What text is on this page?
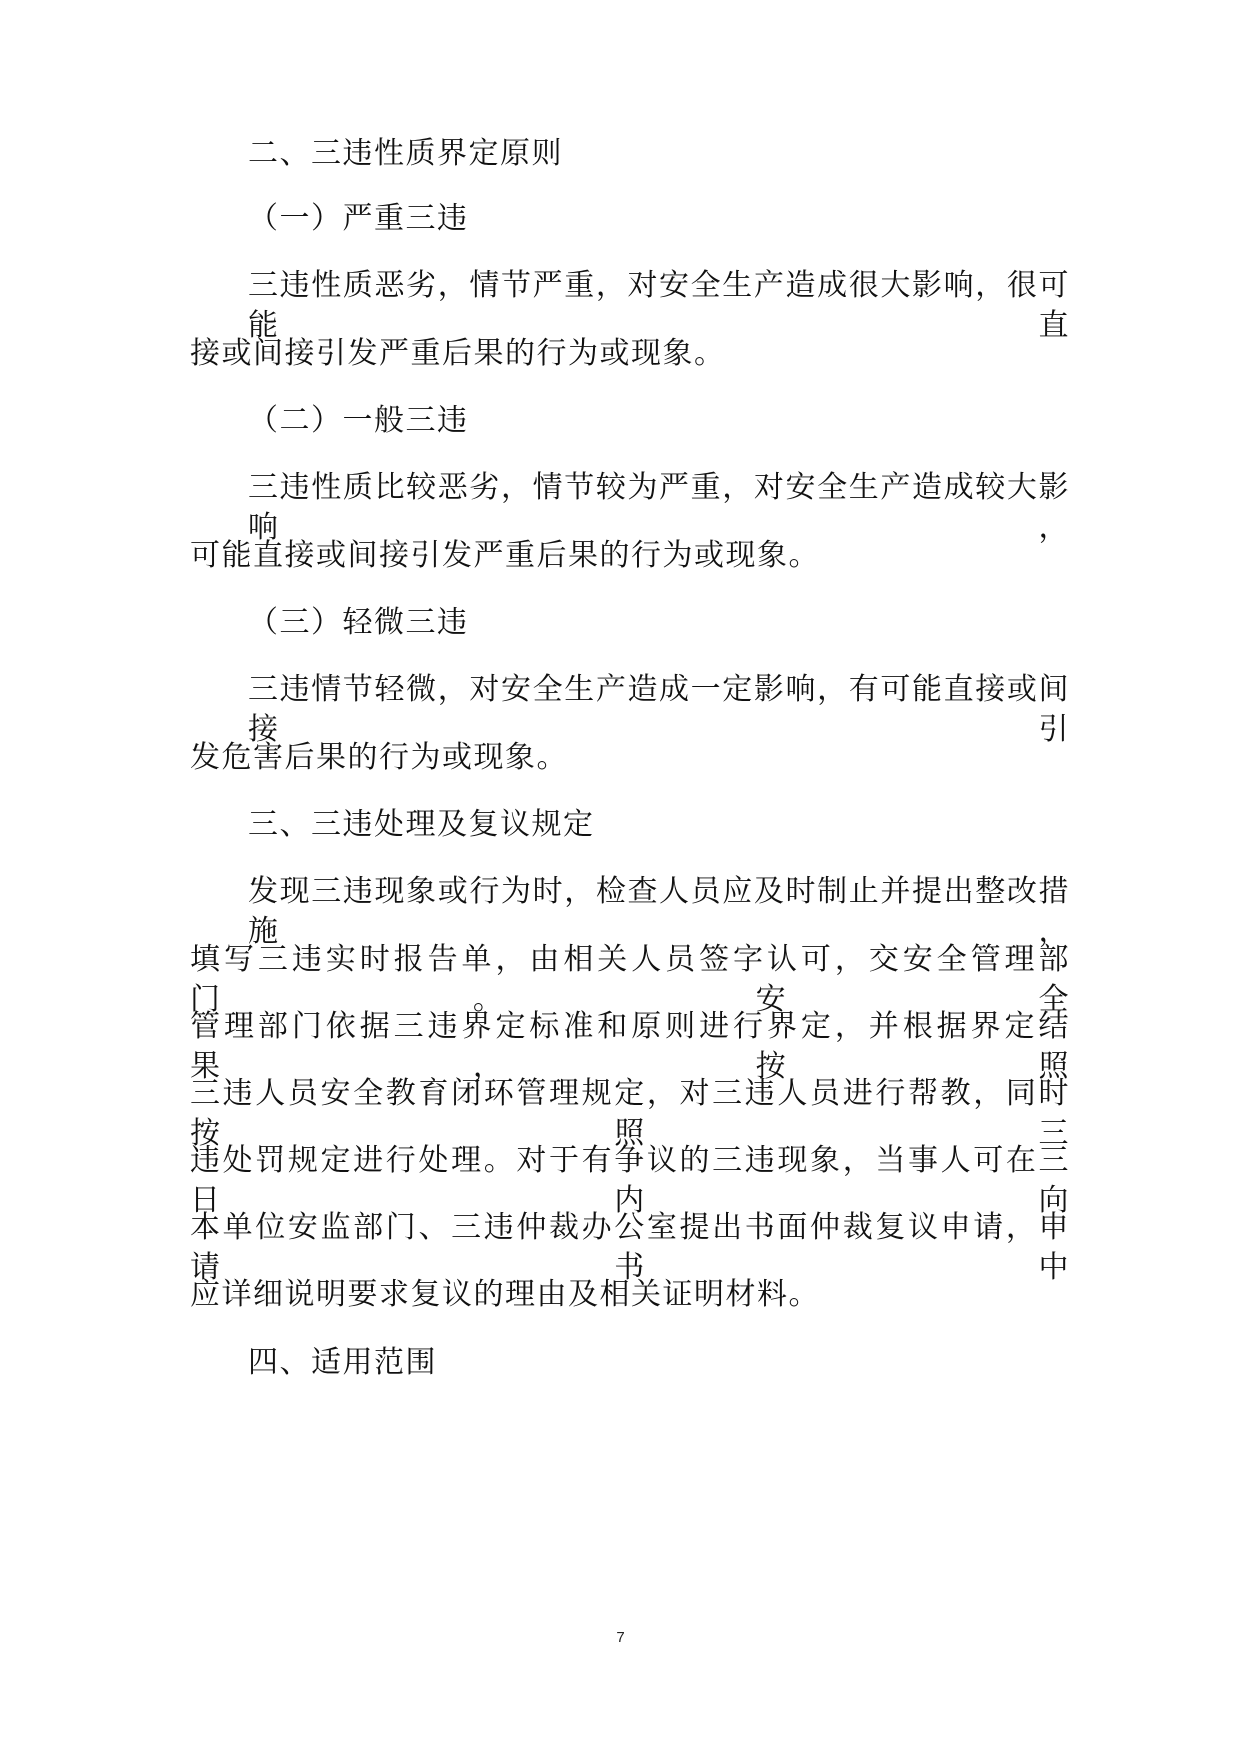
二、三违性质界定原则
（一）严重三违
三违性质恶劣，情节严重，对安全生产造成很大影响，很可能直
接或间接引发严重后果的行为或现象。
（二）一般三违
三违性质比较恶劣，情节较为严重，对安全生产造成较大影响，
可能直接或间接引发严重后果的行为或现象。
（三）轻微三违
三违情节轻微，对安全生产造成一定影响，有可能直接或间接引
发危害后果的行为或现象。
三、三违处理及复议规定
发现三违现象或行为时，检查人员应及时制止并提出整改措施，
填写三违实时报告单，由相关人员签字认可，交安全管理部门。安全
管理部门依据三违界定标准和原则进行界定，并根据界定结果，按照
三违人员安全教育闭环管理规定，对三违人员进行帮教，同时按照三
违处罚规定进行处理。对于有争议的三违现象，当事人可在三日内向
本单位安监部门、三违仲裁办公室提出书面仲裁复议申请，申请书中
应详细说明要求复议的理由及相关证明材料。
四、适用范围
7
